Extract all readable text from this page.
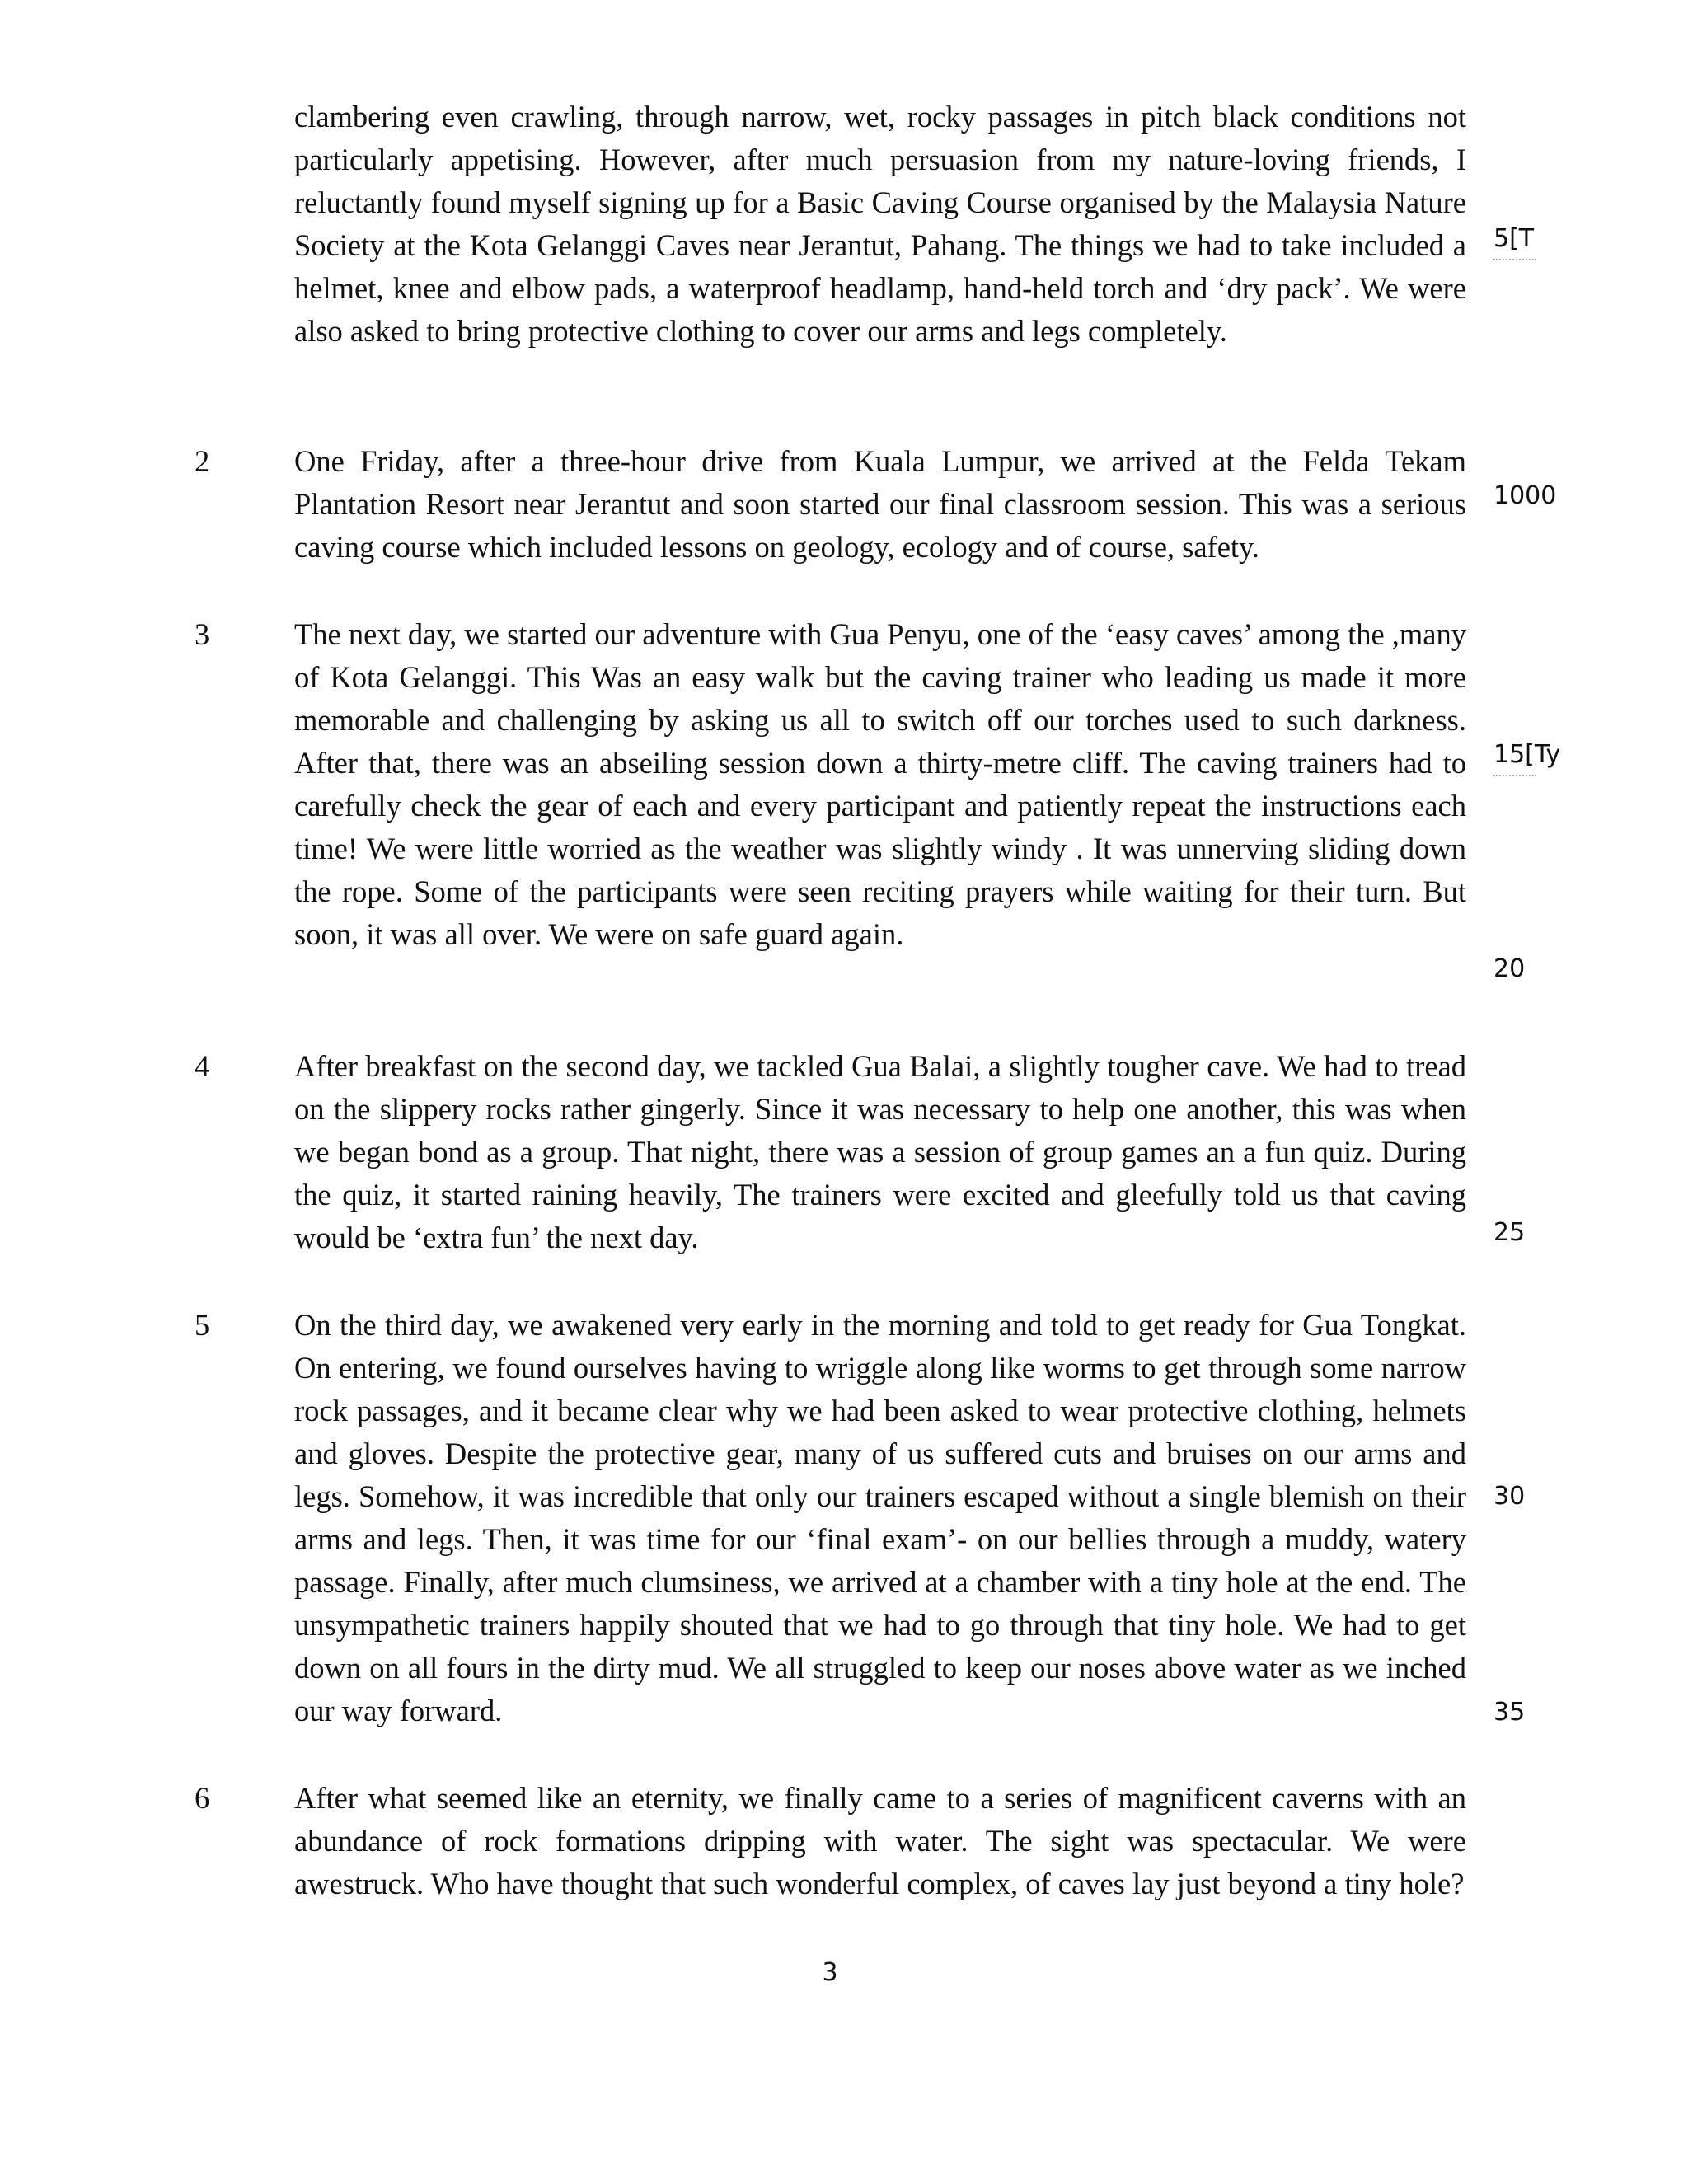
clambering even crawling, through narrow, wet, rocky passages in pitch black conditions not particularly appetising. However, after much persuasion from my nature-loving friends, I reluctantly found myself signing up for a Basic Caving Course organised by the Malaysia Nature Society at the Kota Gelanggi Caves near Jerantut, Pahang. The things we had to take included a helmet, knee and elbow pads, a waterproof headlamp, hand-held torch and ‘dry pack’. We were also asked to bring protective clothing to cover our arms and legs completely.

2	One Friday, after a three-hour drive from Kuala Lumpur, we arrived at the Felda Tekam Plantation Resort near Jerantut and soon started our final classroom session. This was a serious caving course which included lessons on geology, ecology and of course, safety.

3	The next day, we started our adventure with Gua Penyu, one of the ‘easy caves’ among the ,many of Kota Gelanggi. This Was an easy walk but the caving trainer who leading us made it more memorable and challenging by asking us all to switch off our torches used to such darkness. After that, there was an abseiling session down a thirty-metre cliff. The caving trainers had to carefully check the gear of each and every participant and patiently repeat the instructions each time! We were little worried as the weather was slightly windy . It was unnerving sliding down the rope. Some of the participants were seen reciting prayers while waiting for their turn. But soon, it was all over. We were on safe guard again.

4	After breakfast on the second day, we tackled Gua Balai, a slightly tougher cave. We had to tread on the slippery rocks rather gingerly. Since it was necessary to help one another, this was when we began bond as a group. That night, there was a session of group games an a fun quiz. During the quiz, it started raining heavily, The trainers were excited and gleefully told us that caving would be ‘extra fun’ the next day.

5	On the third day, we awakened very early in the morning and told to get ready for Gua Tongkat. On entering, we found ourselves having to wriggle along like worms to get through some narrow rock passages, and it became clear why we had been asked to wear protective clothing, helmets and gloves. Despite the protective gear, many of us suffered cuts and bruises on our arms and legs. Somehow, it was incredible that only our trainers escaped without a single blemish on their arms and legs. Then, it was time for our ‘final exam’- on our bellies through a muddy, watery passage. Finally, after much clumsiness, we arrived at a chamber with a tiny hole at the end. The unsympathetic trainers happily shouted that we had to go through that tiny hole. We had to get down on all fours in the dirty mud. We all struggled to keep our noses above water as we inched our way forward.

6	After what seemed like an eternity, we finally came to a series of magnificent caverns with an abundance of rock formations dripping with water. The sight was spectacular. We were awestruck. Who have thought that such wonderful complex, of caves lay just beyond a tiny hole?

5[T
1000
15[Ty
20
25
30
35
3
